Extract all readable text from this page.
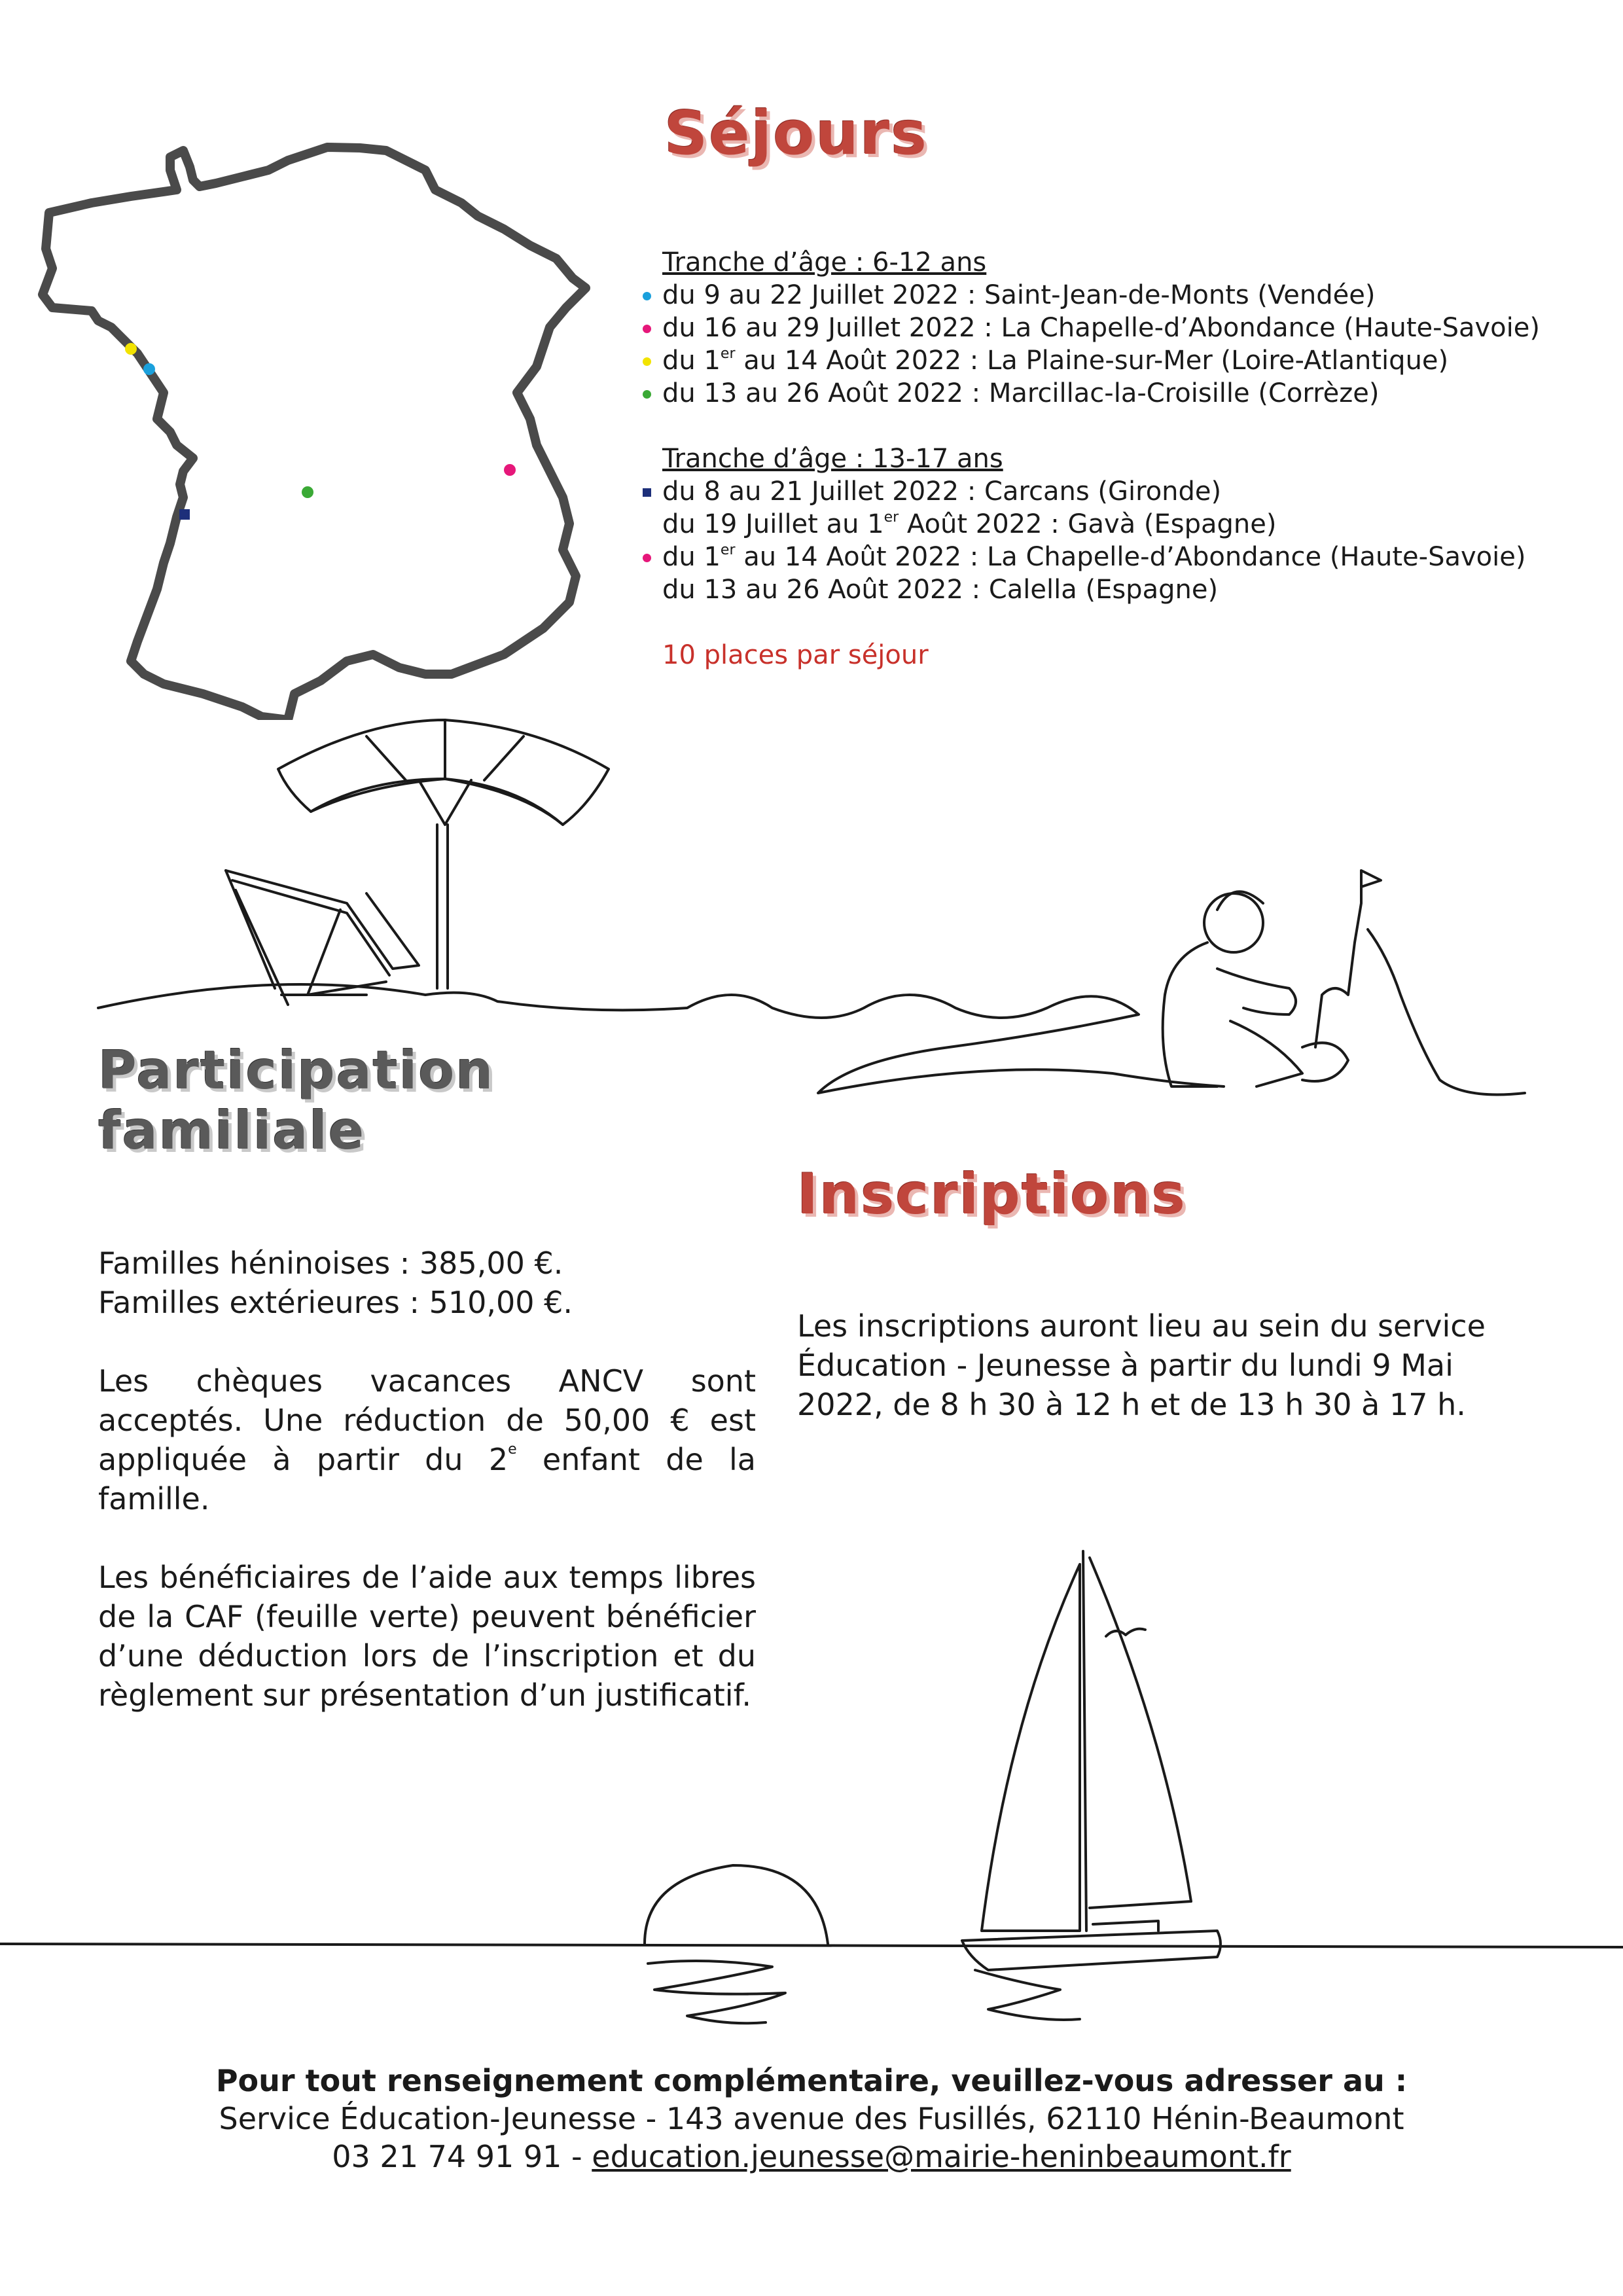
Séjours
Tranche d’âge : 6-12 ans
du 9 au 22 Juillet 2022 : Saint-Jean-de-Monts (Vendée)
du 16 au 29 Juillet 2022 : La Chapelle-d’Abondance (Haute-Savoie)
du 1er au 14 Août 2022 : La Plaine-sur-Mer (Loire-Atlantique)
du 13 au 26 Août 2022 : Marcillac-la-Croisille (Corrèze)
Tranche d’âge : 13-17 ans
du 8 au 21 Juillet 2022 : Carcans (Gironde)
du 19 Juillet au 1er Août 2022 : Gavà (Espagne)
du 1er au 14 Août 2022 : La Chapelle-d’Abondance (Haute-Savoie)
du 13 au 26 Août 2022 : Calella (Espagne)
10 places par séjour
Participation
familiale
Familles héninoises : 385,00 €.
Familles extérieures : 510,00 €.
Les chèques vacances ANCV sont acceptés. Une réduction de 50,00 € est appliquée à partir du 2e enfant de la famille.
Les bénéficiaires de l’aide aux temps libres de la CAF (feuille verte) peuvent bénéficier d’une déduction lors de l’inscription et du règlement sur présentation d’un justificatif.
Inscriptions
Les inscriptions auront lieu au sein du service Éducation - Jeunesse à partir du lundi 9 Mai 2022, de 8 h 30 à 12 h et de 13 h 30 à 17 h.
Pour tout renseignement complémentaire, veuillez-vous adresser au :
Service Éducation-Jeunesse - 143 avenue des Fusillés, 62110 Hénin-Beaumont
03 21 74 91 91 - education.jeunesse@mairie-heninbeaumont.fr
